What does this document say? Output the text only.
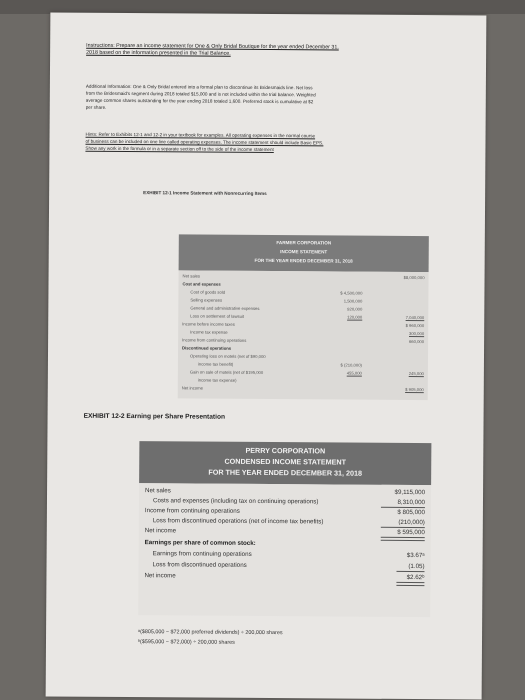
Instructions: Prepare an income statement for One & Only Bridal Boutique for the year ended December 31,
2018 based on the information presented in the Trial Balance.
Additional Information: One & Only Bridal entered into a formal plan to discontinue its Bridesmaids line. Net loss
from the Bridesmaid's segment during 2018 totaled $15,000 and is not included within the trial balance. Weighted
average common shares outstanding for the year ending 2018 totaled 1,600. Preferred stock is cumulative at $2
per share.
Hints: Refer to Exhibits 12-1 and 12-2 in your textbook for examples. All operating expenses in the normal course
of business can be included on one line called operating expenses. The income statement should include Basic EPS.
Show any work in the formula or in a separate section off to the side of the income statement
EXHIBIT 12-1 Income Statement with Nonrecurring Items
FARMER CORPORATION
INCOME STATEMENT
FOR THE YEAR ENDED DECEMBER 31, 2018
Net sales	$8,000,000
Cost and expenses
Cost of goods sold	$ 4,500,000
Selling expenses	1,500,000
General and administrative expenses	920,000
Loss on settlement of lawsuit	120,000	7,040,000
Income before income taxes	$ 960,000
Income tax expense	300,000
Income from continuing operations	660,000
Discontinued operations
Operating loss on motels (net of $90,000
income tax benefit)	$ (210,000)
Gain on sale of motels (net of $195,000	455,000	245,000
income tax expense)
Net income	$ 905,000
EXHIBIT 12-2 Earning per Share Presentation
PERRY CORPORATION
CONDENSED INCOME STATEMENT
FOR THE YEAR ENDED DECEMBER 31, 2018
Net sales	$9,115,000
Costs and expenses (including tax on continuing operations)	8,310,000
Income from continuing operations	$ 805,000
Loss from discontinued operations (net of income tax benefits)	(210,000)
Net income	$ 595,000
Earnings per share of common stock:
Earnings from continuing operations	$3.67ᵃ
Loss from discontinued operations	(1.05)
Net income	$2.62ᵇ
ᵃ($805,000 − $72,000 preferred dividends) ÷ 200,000 shares
ᵇ($595,000 − $72,000) ÷ 200,000 shares
